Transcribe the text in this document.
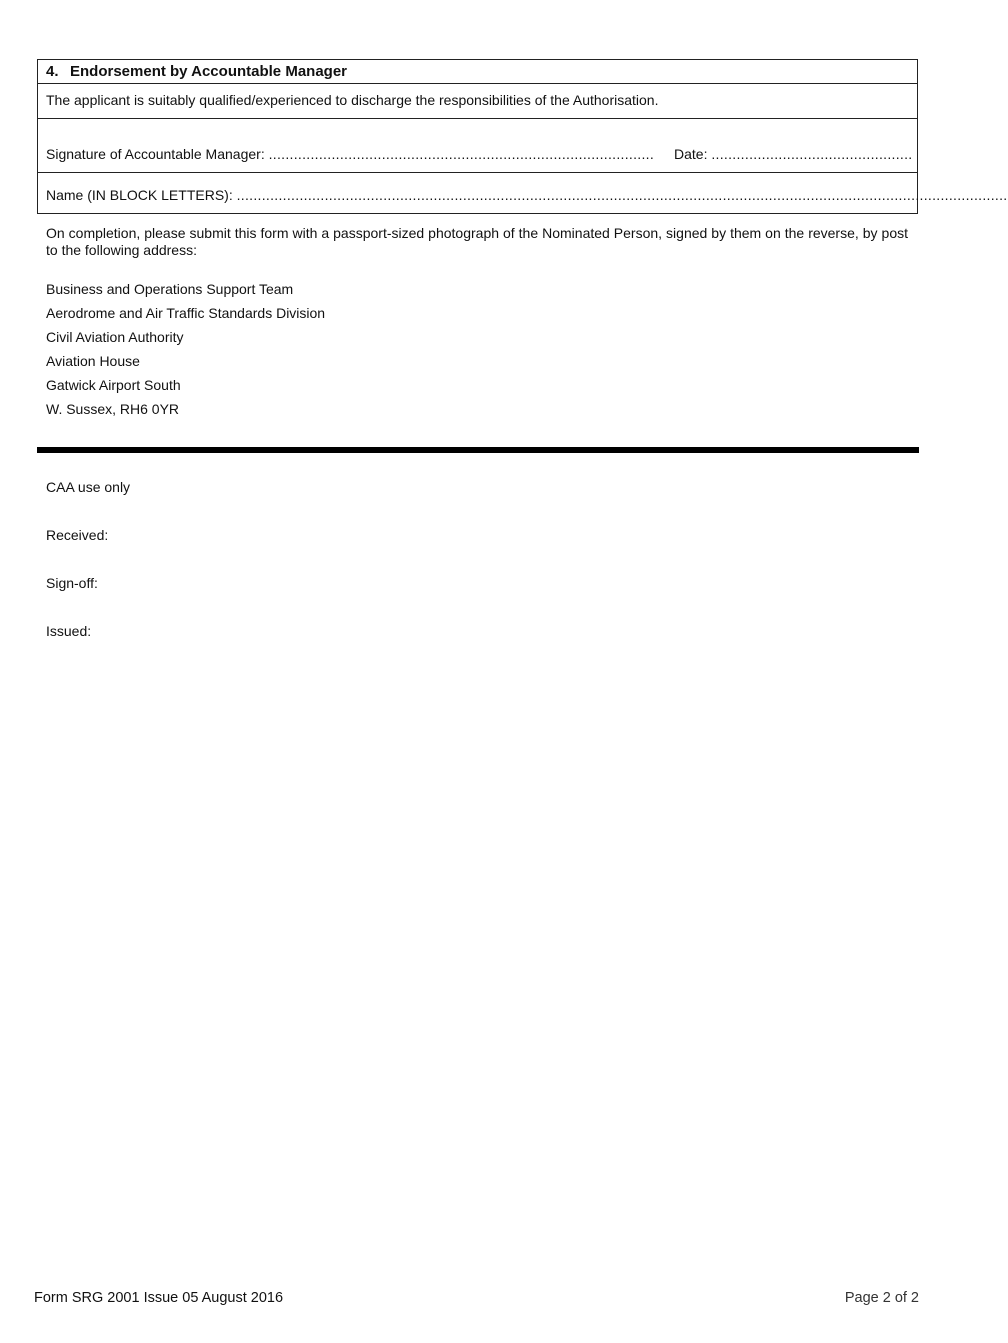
4. Endorsement by Accountable Manager
The applicant is suitably qualified/experienced to discharge the responsibilities of the Authorisation.
Signature of Accountable Manager: ............................................................................................ Date: ................................................
Name (IN BLOCK LETTERS): ........................................................................................................................................................................................
On completion, please submit this form with a passport-sized photograph of the Nominated Person, signed by them on the reverse, by post to the following address:
Business and Operations Support Team
Aerodrome and Air Traffic Standards Division
Civil Aviation Authority
Aviation House
Gatwick Airport South
W. Sussex, RH6 0YR
CAA use only
Received:
Sign-off:
Issued:
Form SRG 2001 Issue 05 August 2016	Page 2 of 2
